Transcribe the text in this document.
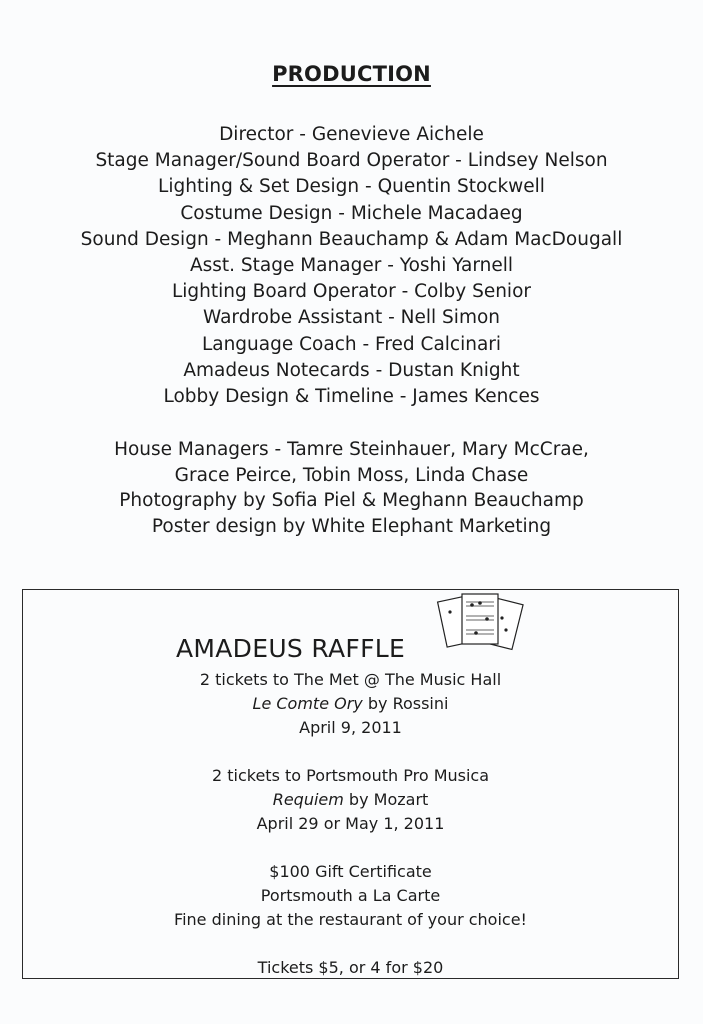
PRODUCTION
Director - Genevieve Aichele
Stage Manager/Sound Board Operator - Lindsey Nelson
Lighting & Set Design - Quentin Stockwell
Costume Design - Michele Macadaeg
Sound Design - Meghann Beauchamp & Adam MacDougall
Asst. Stage Manager - Yoshi Yarnell
Lighting Board Operator - Colby Senior
Wardrobe Assistant - Nell Simon
Language Coach - Fred Calcinari
Amadeus Notecards - Dustan Knight
Lobby Design & Timeline - James Kences
House Managers - Tamre Steinhauer, Mary McCrae,
Grace Peirce, Tobin Moss, Linda Chase
Photography by Sofia Piel & Meghann Beauchamp
Poster design by White Elephant Marketing
AMADEUS RAFFLE
2 tickets to The Met @ The Music Hall
Le Comte Ory by Rossini
April 9, 2011
2 tickets to Portsmouth Pro Musica
Requiem by Mozart
April 29 or May 1, 2011
$100 Gift Certificate
Portsmouth a La Carte
Fine dining at the restaurant of your choice!
Tickets $5, or 4 for $20
